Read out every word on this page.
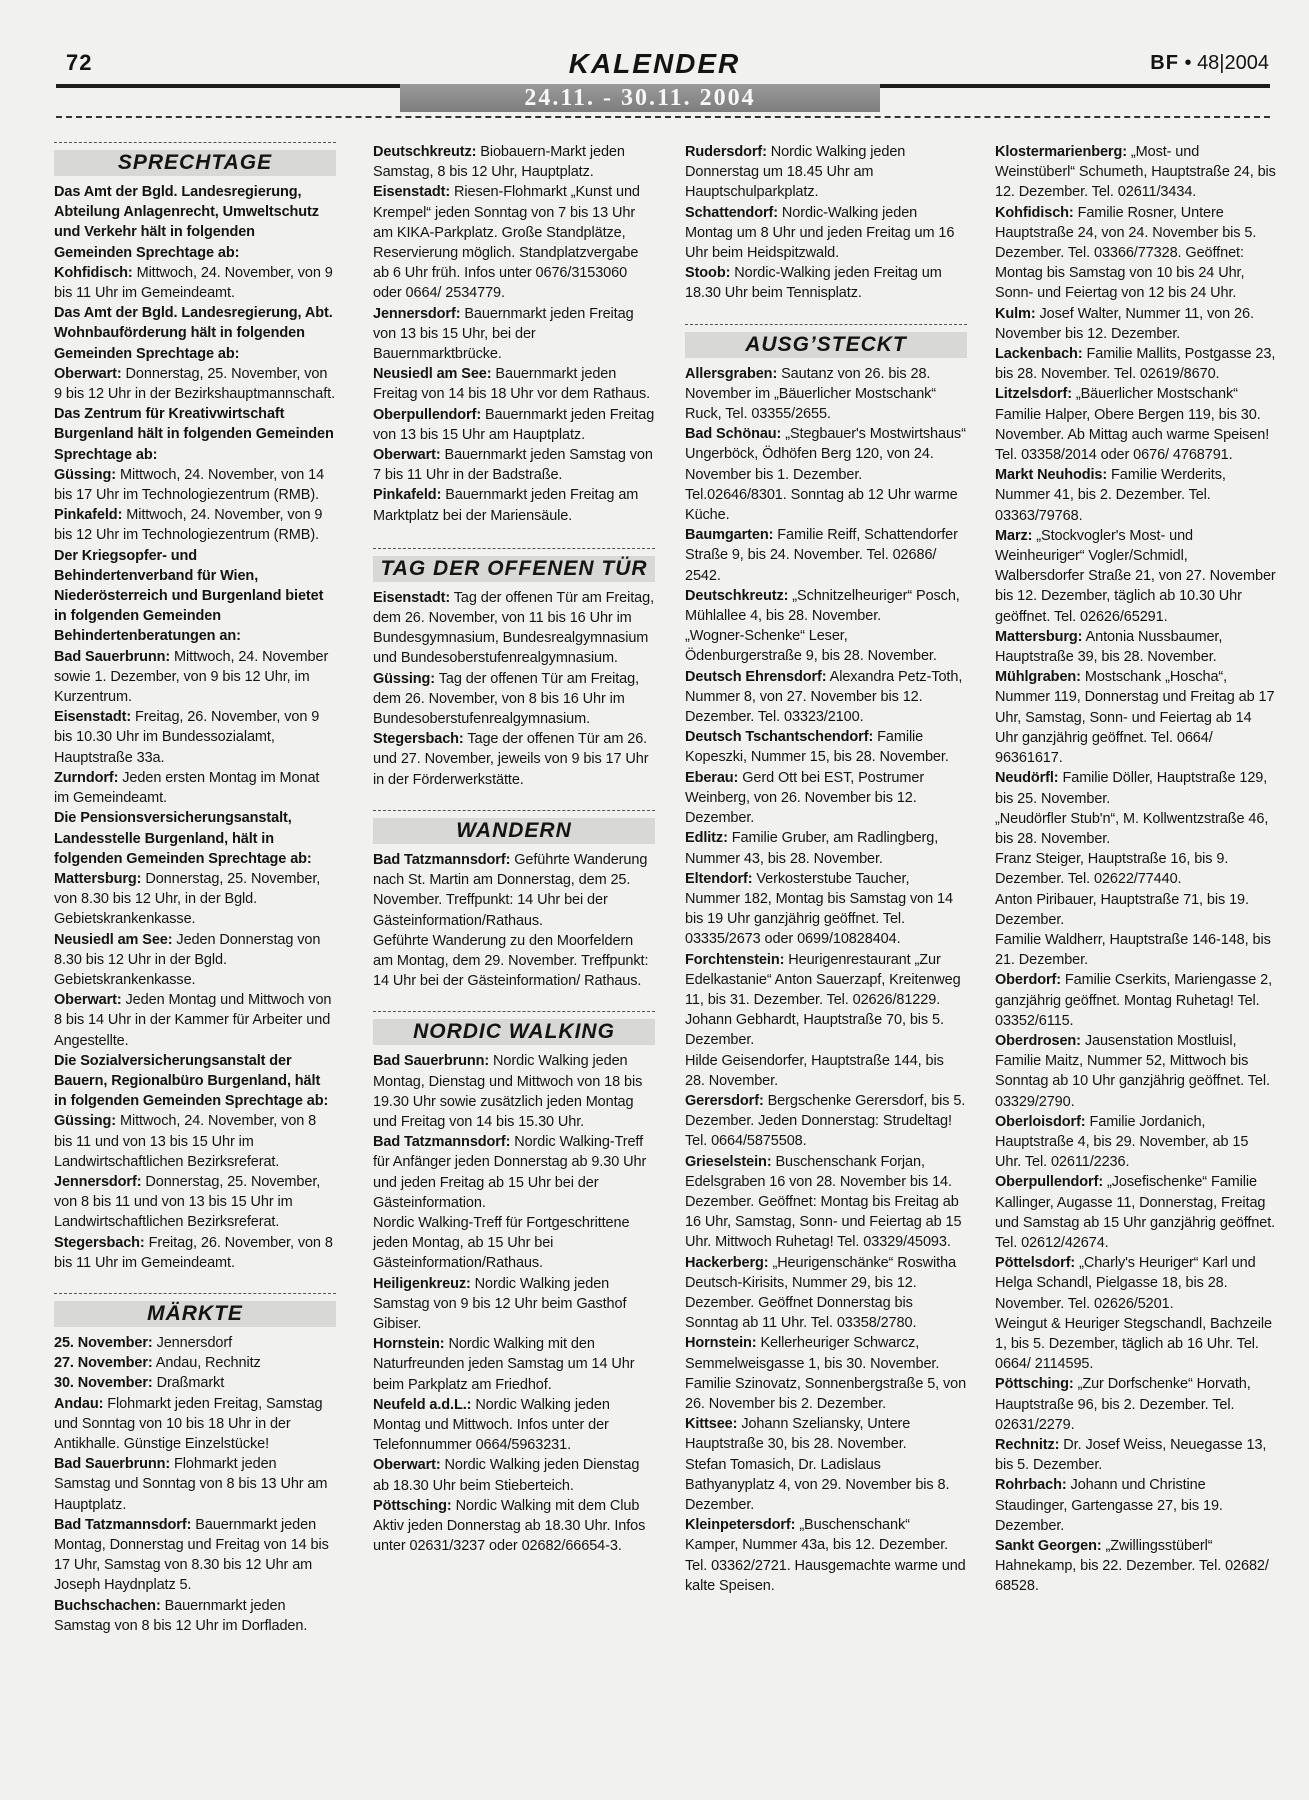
72	KALENDER	BF • 48|2004
24.11. - 30.11. 2004
SPRECHTAGE

Das Amt der Bgld. Landesregierung, Abteilung Anlagenrecht, Umweltschutz und Verkehr hält in folgenden Gemeinden Sprechtage ab:

Kohfidisch: Mittwoch, 24. November, von 9 bis 11 Uhr im Gemeindeamt.

Das Amt der Bgld. Landesregierung, Abt. Wohnbauförderung hält in folgenden Gemeinden Sprechtage ab:

Oberwart: Donnerstag, 25. November, von 9 bis 12 Uhr in der Bezirkshauptmannschaft.

Das Zentrum für Kreativwirtschaft Burgenland hält in folgenden Gemeinden Sprechtage ab:

Güssing: Mittwoch, 24. November, von 14 bis 17 Uhr im Technologiezentrum (RMB).

Pinkafeld: Mittwoch, 24. November, von 9 bis 12 Uhr im Technologiezentrum (RMB).

Der Kriegsopfer- und Behindertenverband für Wien, Niederösterreich und Burgenland bietet in folgenden Gemeinden Behindertenberatungen an:

Bad Sauerbrunn: Mittwoch, 24. November sowie 1. Dezember, von 9 bis 12 Uhr, im Kurzentrum.

Eisenstadt: Freitag, 26. November, von 9 bis 10.30 Uhr im Bundessozialamt, Hauptstraße 33a.

Zurndorf: Jeden ersten Montag im Monat im Gemeindeamt.

Die Pensionsversicherungsanstalt, Landesstelle Burgenland, hält in folgenden Gemeinden Sprechtage ab:

Mattersburg: Donnerstag, 25. November, von 8.30 bis 12 Uhr, in der Bgld. Gebietskrankenkasse.

Neusiedl am See: Jeden Donnerstag von 8.30 bis 12 Uhr in der Bgld. Gebietskrankenkasse.

Oberwart: Jeden Montag und Mittwoch von 8 bis 14 Uhr in der Kammer für Arbeiter und Angestellte.

Die Sozialversicherungsanstalt der Bauern, Regionalbüro Burgenland, hält in folgenden Gemeinden Sprechtage ab:

Güssing: Mittwoch, 24. November, von 8 bis 11 und von 13 bis 15 Uhr im Landwirtschaftlichen Bezirksreferat.

Jennersdorf: Donnerstag, 25. November, von 8 bis 11 und von 13 bis 15 Uhr im Landwirtschaftlichen Bezirksreferat.

Stegersbach: Freitag, 26. November, von 8 bis 11 Uhr im Gemeindeamt.

MÄRKTE

25. November: Jennersdorf

27. November: Andau, Rechnitz

30. November: Draßmarkt

Andau: Flohmarkt jeden Freitag, Samstag und Sonntag von 10 bis 18 Uhr in der Antikhalle. Günstige Einzelstücke!

Bad Sauerbrunn: Flohmarkt jeden Samstag und Sonntag von 8 bis 13 Uhr am Hauptplatz.

Bad Tatzmannsdorf: Bauernmarkt jeden Montag, Donnerstag und Freitag von 14 bis 17 Uhr, Samstag von 8.30 bis 12 Uhr am Joseph Haydnplatz 5.

Buchschachen: Bauernmarkt jeden Samstag von 8 bis 12 Uhr im Dorfladen.

Deutschkreutz: Biobauern-Markt jeden Samstag, 8 bis 12 Uhr, Hauptplatz.

Eisenstadt: Riesen-Flohmarkt „Kunst und Krempel“ jeden Sonntag von 7 bis 13 Uhr am KIKA-Parkplatz. Große Standplätze, Reservierung möglich. Standplatzvergabe ab 6 Uhr früh. Infos unter 0676/3153060 oder 0664/ 2534779.

Jennersdorf: Bauernmarkt jeden Freitag von 13 bis 15 Uhr, bei der Bauernmarktbrücke.

Neusiedl am See: Bauernmarkt jeden Freitag von 14 bis 18 Uhr vor dem Rathaus.

Oberpullendorf: Bauernmarkt jeden Freitag von 13 bis 15 Uhr am Hauptplatz.

Oberwart: Bauernmarkt jeden Samstag von 7 bis 11 Uhr in der Badstraße.

Pinkafeld: Bauernmarkt jeden Freitag am Marktplatz bei der Mariensäule.

TAG DER OFFENEN TÜR

Eisenstadt: Tag der offenen Tür am Freitag, dem 26. November, von 11 bis 16 Uhr im Bundesgymnasium, Bundesrealgymnasium und Bundesoberstufenrealgymnasium.

Güssing: Tag der offenen Tür am Freitag, dem 26. November, von 8 bis 16 Uhr im Bundesoberstufenrealgymnasium.

Stegersbach: Tage der offenen Tür am 26. und 27. November, jeweils von 9 bis 17 Uhr in der Förderwerkstätte.

WANDERN

Bad Tatzmannsdorf: Geführte Wanderung nach St. Martin am Donnerstag, dem 25. November. Treffpunkt: 14 Uhr bei der Gästeinformation/Rathaus.

Geführte Wanderung zu den Moorfeldern am Montag, dem 29. November. Treffpunkt: 14 Uhr bei der Gästeinformation/ Rathaus.

NORDIC WALKING

Bad Sauerbrunn: Nordic Walking jeden Montag, Dienstag und Mittwoch von 18 bis 19.30 Uhr sowie zusätzlich jeden Montag und Freitag von 14 bis 15.30 Uhr.

Bad Tatzmannsdorf: Nordic Walking-Treff für Anfänger jeden Donnerstag ab 9.30 Uhr und jeden Freitag ab 15 Uhr bei der Gästeinformation.

Nordic Walking-Treff für Fortgeschrittene jeden Montag, ab 15 Uhr bei Gästeinformation/Rathaus.

Heiligenkreuz: Nordic Walking jeden Samstag von 9 bis 12 Uhr beim Gasthof Gibiser.

Hornstein: Nordic Walking mit den Naturfreunden jeden Samstag um 14 Uhr beim Parkplatz am Friedhof.

Neufeld a.d.L.: Nordic Walking jeden Montag und Mittwoch. Infos unter der Telefonnummer 0664/5963231.

Oberwart: Nordic Walking jeden Dienstag ab 18.30 Uhr beim Stieberteich.

Pöttsching: Nordic Walking mit dem Club Aktiv jeden Donnerstag ab 18.30 Uhr. Infos unter 02631/3237 oder 02682/66654-3.

Rudersdorf: Nordic Walking jeden Donnerstag um 18.45 Uhr am Hauptschulparkplatz.

Schattendorf: Nordic-Walking jeden Montag um 8 Uhr und jeden Freitag um 16 Uhr beim Heidspitzwald.

Stoob: Nordic-Walking jeden Freitag um 18.30 Uhr beim Tennisplatz.

AUSG’STECKT

Allersgraben: Sautanz von 26. bis 28. November im „Bäuerlicher Mostschank“ Ruck, Tel. 03355/2655.

Bad Schönau: „Stegbauer's Mostwirtshaus“ Ungerböck, Ödhöfen Berg 120, von 24. November bis 1. Dezember. Tel.02646/8301. Sonntag ab 12 Uhr warme Küche.

Baumgarten: Familie Reiff, Schattendorfer Straße 9, bis 24. November. Tel. 02686/ 2542.

Deutschkreutz: „Schnitzelheuriger“ Posch, Mühlallee 4, bis 28. November.

„Wogner-Schenke“ Leser, Ödenburgerstraße 9, bis 28. November.

Deutsch Ehrensdorf: Alexandra Petz-Toth, Nummer 8, von 27. November bis 12. Dezember. Tel. 03323/2100.

Deutsch Tschantschendorf: Familie Kopeszki, Nummer 15, bis 28. November.

Eberau: Gerd Ott bei EST, Postrumer Weinberg, von 26. November bis 12. Dezember.

Edlitz: Familie Gruber, am Radlingberg, Nummer 43, bis 28. November.

Eltendorf: Verkosterstube Taucher, Nummer 182, Montag bis Samstag von 14 bis 19 Uhr ganzjährig geöffnet. Tel. 03335/2673 oder 0699/10828404.

Forchtenstein: Heurigenrestaurant „Zur Edelkastanie“ Anton Sauerzapf, Kreitenweg 11, bis 31. Dezember. Tel. 02626/81229.

Johann Gebhardt, Hauptstraße 70, bis 5. Dezember.

Hilde Geisendorfer, Hauptstraße 144, bis 28. November.

Gerersdorf: Bergschenke Gerersdorf, bis 5. Dezember. Jeden Donnerstag: Strudeltag! Tel. 0664/5875508.

Grieselstein: Buschenschank Forjan, Edelsgraben 16 von 28. November bis 14. Dezember. Geöffnet: Montag bis Freitag ab 16 Uhr, Samstag, Sonn- und Feiertag ab 15 Uhr. Mittwoch Ruhetag! Tel. 03329/45093.

Hackerberg: „Heurigenschänke“ Roswitha Deutsch-Kirisits, Nummer 29, bis 12. Dezember. Geöffnet Donnerstag bis Sonntag ab 11 Uhr. Tel. 03358/2780.

Hornstein: Kellerheuriger Schwarcz, Semmelweisgasse 1, bis 30. November.

Familie Szinovatz, Sonnenbergstraße 5, von 26. November bis 2. Dezember.

Kittsee: Johann Szeliansky, Untere Hauptstraße 30, bis 28. November.

Stefan Tomasich, Dr. Ladislaus Bathyanyplatz 4, von 29. November bis 8. Dezember.

Kleinpetersdorf: „Buschenschank“ Kamper, Nummer 43a, bis 12. Dezember. Tel. 03362/2721. Hausgemachte warme und kalte Speisen.

Klostermarienberg: „Most- und Weinstüberl“ Schumeth, Hauptstraße 24, bis 12. Dezember. Tel. 02611/3434.

Kohfidisch: Familie Rosner, Untere Hauptstraße 24, von 24. November bis 5. Dezember. Tel. 03366/77328. Geöffnet: Montag bis Samstag von 10 bis 24 Uhr, Sonn- und Feiertag von 12 bis 24 Uhr.

Kulm: Josef Walter, Nummer 11, von 26. November bis 12. Dezember.

Lackenbach: Familie Mallits, Postgasse 23, bis 28. November. Tel. 02619/8670.

Litzelsdorf: „Bäuerlicher Mostschank“ Familie Halper, Obere Bergen 119, bis 30. November. Ab Mittag auch warme Speisen! Tel. 03358/2014 oder 0676/ 4768791.

Markt Neuhodis: Familie Werderits, Nummer 41, bis 2. Dezember. Tel. 03363/79768.

Marz: „Stockvogler's Most- und Weinheuriger“ Vogler/Schmidl, Walbersdorfer Straße 21, von 27. November bis 12. Dezember, täglich ab 10.30 Uhr geöffnet. Tel. 02626/65291.

Mattersburg: Antonia Nussbaumer, Hauptstraße 39, bis 28. November.

Mühlgraben: Mostschank „Hoscha“, Nummer 119, Donnerstag und Freitag ab 17 Uhr, Samstag, Sonn- und Feiertag ab 14 Uhr ganzjährig geöffnet. Tel. 0664/ 96361617.

Neudörfl: Familie Döller, Hauptstraße 129, bis 25. November.

„Neudörfler Stub'n“, M. Kollwentzstraße 46, bis 28. November.

Franz Steiger, Hauptstraße 16, bis 9. Dezember. Tel. 02622/77440.

Anton Piribauer, Hauptstraße 71, bis 19. Dezember.

Familie Waldherr, Hauptstraße 146-148, bis 21. Dezember.

Oberdorf: Familie Cserkits, Mariengasse 2, ganzjährig geöffnet. Montag Ruhetag! Tel. 03352/6115.

Oberdrosen: Jausenstation Mostluisl, Familie Maitz, Nummer 52, Mittwoch bis Sonntag ab 10 Uhr ganzjährig geöffnet. Tel. 03329/2790.

Oberloisdorf: Familie Jordanich, Hauptstraße 4, bis 29. November, ab 15 Uhr. Tel. 02611/2236.

Oberpullendorf: „Josefischenke“ Familie Kallinger, Augasse 11, Donnerstag, Freitag und Samstag ab 15 Uhr ganzjährig geöffnet. Tel. 02612/42674.

Pöttelsdorf: „Charly's Heuriger“ Karl und Helga Schandl, Pielgasse 18, bis 28. November. Tel. 02626/5201.

Weingut & Heuriger Stegschandl, Bachzeile 1, bis 5. Dezember, täglich ab 16 Uhr. Tel. 0664/ 2114595.

Pöttsching: „Zur Dorfschenke“ Horvath, Hauptstraße 96, bis 2. Dezember. Tel. 02631/2279.

Rechnitz: Dr. Josef Weiss, Neuegasse 13, bis 5. Dezember.

Rohrbach: Johann und Christine Staudinger, Gartengasse 27, bis 19. Dezember.

Sankt Georgen: „Zwillingsstüberl“ Hahnekamp, bis 22. Dezember. Tel. 02682/ 68528.
